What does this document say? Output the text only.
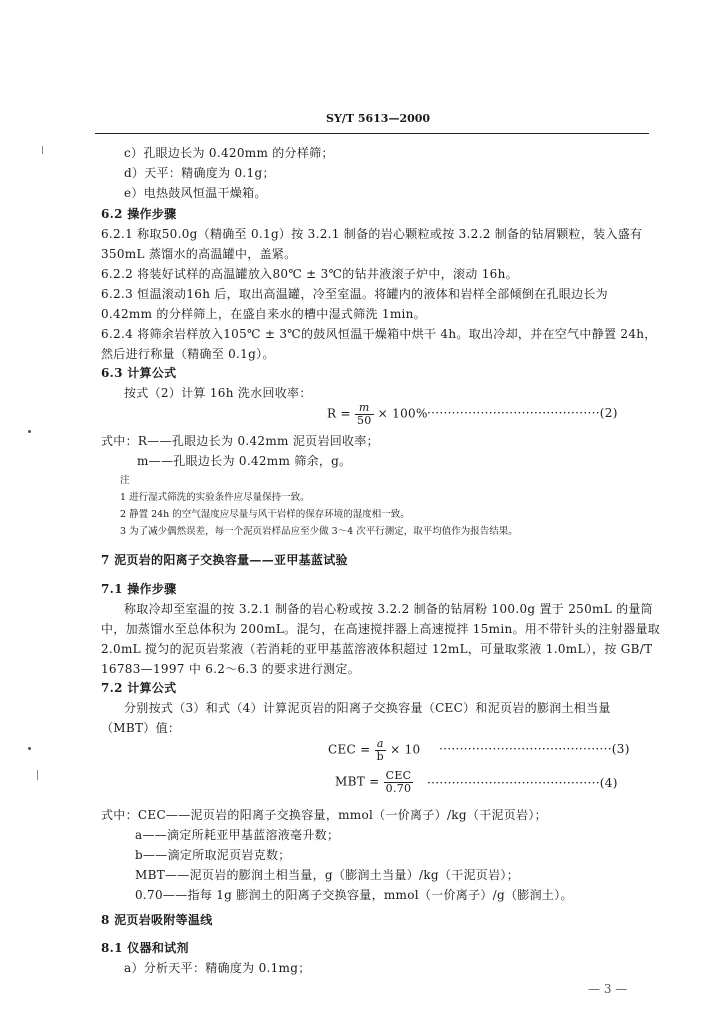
SY/T 5613—2000
c）孔眼边长为 0.420mm 的分样筛；
d）天平：精确度为 0.1g；
e）电热鼓风恒温干燥箱。
6.2 操作步骤
6.2.1 称取50.0g（精确至 0.1g）按 3.2.1 制备的岩心颗粒或按 3.2.2 制备的钻屑颗粒，装入盛有
350mL 蒸馏水的高温罐中，盖紧。
6.2.2 将装好试样的高温罐放入80℃ ± 3℃的钻井液滚子炉中，滚动 16h。
6.2.3 恒温滚动16h 后，取出高温罐，冷至室温。将罐内的液体和岩样全部倾倒在孔眼边长为
0.42mm 的分样筛上，在盛自来水的槽中湿式筛洗 1min。
6.2.4 将筛余岩样放入105℃ ± 3℃的鼓风恒温干燥箱中烘干 4h。取出冷却，并在空气中静置 24h，
然后进行称量（精确至 0.1g）。
6.3 计算公式
按式（2）计算 16h 洗水回收率：
$R = \frac{m}{50} \times 100\% \cdot\cdot\cdot\cdot\cdot\cdot\cdot\cdot\cdot\cdot\cdot\cdot\cdot\cdot\cdot\cdot\cdot\cdot\cdot\cdot\cdot\cdot\cdot\cdot\cdot\cdot\cdot\cdot\cdot\cdot\cdot\cdot\cdot\cdot\cdot\cdot\cdot\cdot\cdot\cdot\cdot\cdot(2)$
式中：R——孔眼边长为 0.42mm 泥页岩回收率；
m——孔眼边长为 0.42mm 筛余，g。
注
1 进行湿式筛洗的实验条件应尽量保持一致。
2 静置 24h 的空气湿度应尽量与风干岩样的保存环境的湿度相一致。
3 为了减少偶然误差，每一个泥页岩样品应至少做 3～4 次平行测定，取平均值作为报告结果。
7 泥页岩的阳离子交换容量——亚甲基蓝试验
7.1 操作步骤
称取冷却至室温的按 3.2.1 制备的岩心粉或按 3.2.2 制备的钻屑粉 100.0g 置于 250mL 的量筒
中，加蒸馏水至总体积为 200mL。混匀，在高速搅拌器上高速搅拌 15min。用不带针头的注射器量取
2.0mL 搅匀的泥页岩浆液（若消耗的亚甲基蓝溶液体积超过 12mL，可量取浆液 1.0mL），按 GB/T
16783—1997 中 6.2～6.3 的要求进行测定。
7.2 计算公式
分别按式（3）和式（4）计算泥页岩的阳离子交换容量（CEC）和泥页岩的膨润土相当量
（MBT）值：
CEC = $\frac{a}{b} \times 10 \cdot\cdot\cdot\cdot\cdot\cdot\cdot\cdot\cdot\cdot\cdot\cdot\cdot\cdot\cdot\cdot\cdot\cdot\cdot\cdot\cdot\cdot\cdot\cdot\cdot\cdot\cdot\cdot\cdot\cdot\cdot\cdot\cdot\cdot\cdot\cdot\cdot\cdot\cdot\cdot\cdot\cdot(3)$
MBT = $\frac{\text{CEC}}{0.70} \cdot\cdot\cdot\cdot\cdot\cdot\cdot\cdot\cdot\cdot\cdot\cdot\cdot\cdot\cdot\cdot\cdot\cdot\cdot\cdot\cdot\cdot\cdot\cdot\cdot\cdot\cdot\cdot\cdot\cdot\cdot\cdot\cdot\cdot\cdot\cdot\cdot\cdot\cdot\cdot\cdot\cdot(4)$
式中：CEC——泥页岩的阳离子交换容量，mmol（一价离子）/kg（干泥页岩）；
a——滴定所耗亚甲基蓝溶液毫升数；
b——滴定所取泥页岩克数；
MBT——泥页岩的膨润土相当量，g（膨润土当量）/kg（干泥页岩）；
0.70——指每 1g 膨润土的阳离子交换容量，mmol（一价离子）/g（膨润土）。
8 泥页岩吸附等温线
8.1 仪器和试剂
a）分析天平：精确度为 0.1mg；
— 3 —
